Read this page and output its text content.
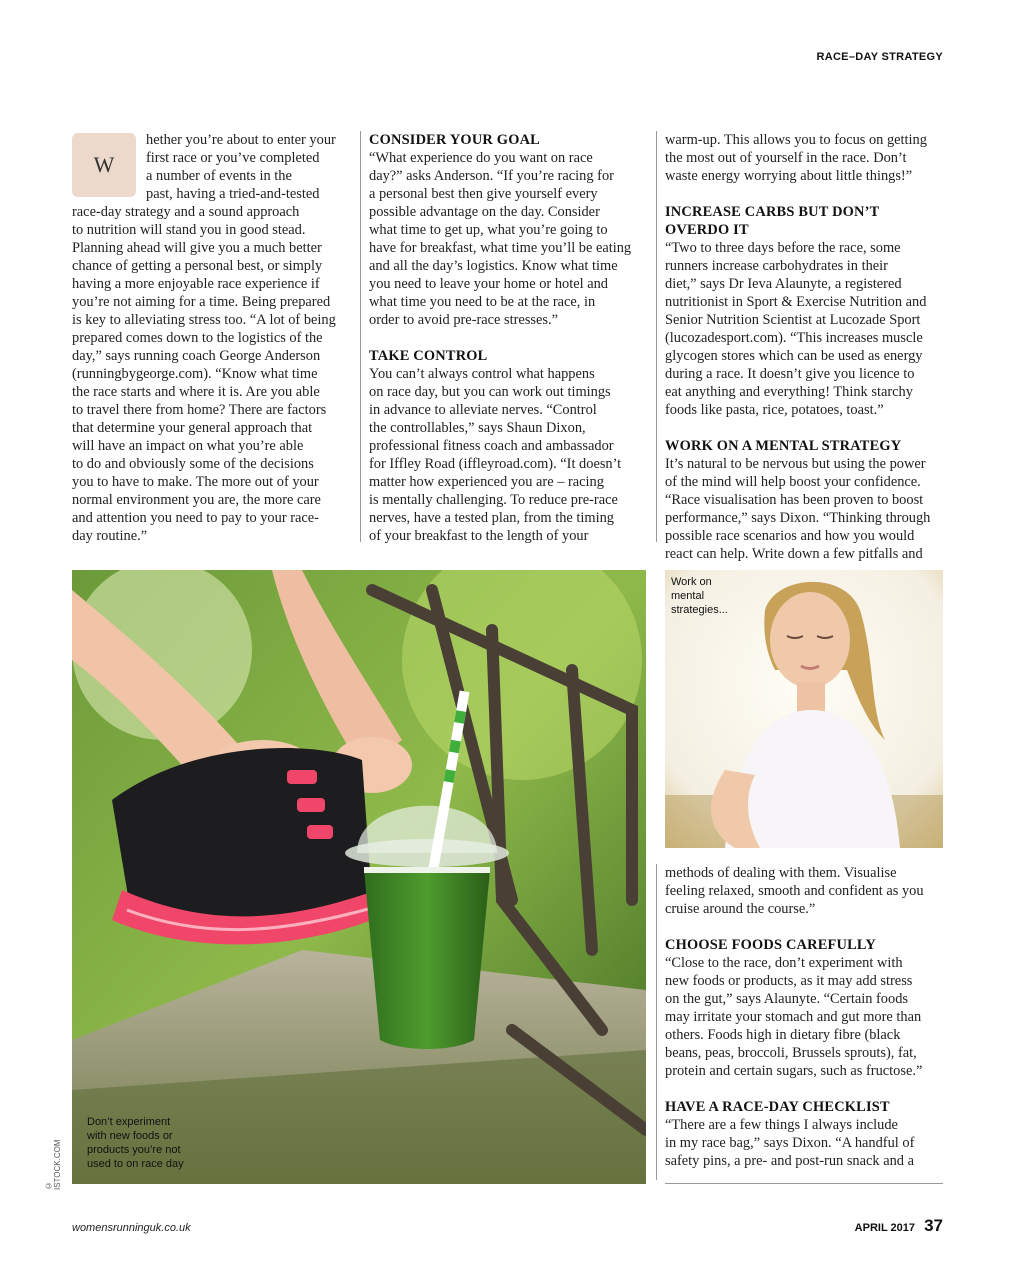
RACE–DAY STRATEGY
W
hether you’re about to enter your
first race or you’ve completed
a number of events in the
past, having a tried-and-tested
race-day strategy and a sound approach
to nutrition will stand you in good stead.
Planning ahead will give you a much better
chance of getting a personal best, or simply
having a more enjoyable race experience if
you’re not aiming for a time. Being prepared
is key to alleviating stress too. “A lot of being
prepared comes down to the logistics of the
day,” says running coach George Anderson
(runningbygeorge.com). “Know what time
the race starts and where it is. Are you able
to travel there from home? There are factors
that determine your general approach that
will have an impact on what you’re able
to do and obviously some of the decisions
you to have to make. The more out of your
normal environment you are, the more care
and attention you need to pay to your race-
day routine.”
CONSIDER YOUR GOAL
“What experience do you want on race
day?” asks Anderson. “If you’re racing for
a personal best then give yourself every
possible advantage on the day. Consider
what time to get up, what you’re going to
have for breakfast, what time you’ll be eating
and all the day’s logistics. Know what time
you need to leave your home or hotel and
what time you need to be at the race, in
order to avoid pre-race stresses.”
TAKE CONTROL
You can’t always control what happens
on race day, but you can work out timings
in advance to alleviate nerves. “Control
the controllables,” says Shaun Dixon,
professional fitness coach and ambassador
for Iffley Road (iffleyroad.com). “It doesn’t
matter how experienced you are – racing
is mentally challenging. To reduce pre-race
nerves, have a tested plan, from the timing
of your breakfast to the length of your
warm-up. This allows you to focus on getting
the most out of yourself in the race. Don’t
waste energy worrying about little things!”
INCREASE CARBS BUT DON’T OVERDO IT
“Two to three days before the race, some
runners increase carbohydrates in their
diet,” says Dr Ieva Alaunyte, a registered
nutritionist in Sport & Exercise Nutrition and
Senior Nutrition Scientist at Lucozade Sport
(lucozadesport.com). “This increases muscle
glycogen stores which can be used as energy
during a race. It doesn’t give you licence to
eat anything and everything! Think starchy
foods like pasta, rice, potatoes, toast.”
WORK ON A MENTAL STRATEGY
It’s natural to be nervous but using the power
of the mind will help boost your confidence.
“Race visualisation has been proven to boost
performance,” says Dixon. “Thinking through
possible race scenarios and how you would
react can help. Write down a few pitfalls and
Don’t experiment
with new foods or
products you’re not
used to on race day
© ISTOCK.COM
Work on
mental
strategies...
methods of dealing with them. Visualise
feeling relaxed, smooth and confident as you
cruise around the course.”
CHOOSE FOODS CAREFULLY
“Close to the race, don’t experiment with
new foods or products, as it may add stress
on the gut,” says Alaunyte. “Certain foods
may irritate your stomach and gut more than
others. Foods high in dietary fibre (black
beans, peas, broccoli, Brussels sprouts), fat,
protein and certain sugars, such as fructose.”
HAVE A RACE-DAY CHECKLIST
“There are a few things I always include
in my race bag,” says Dixon. “A handful of
safety pins, a pre- and post-run snack and a
womensrunninguk.co.uk	APRIL 2017 37
